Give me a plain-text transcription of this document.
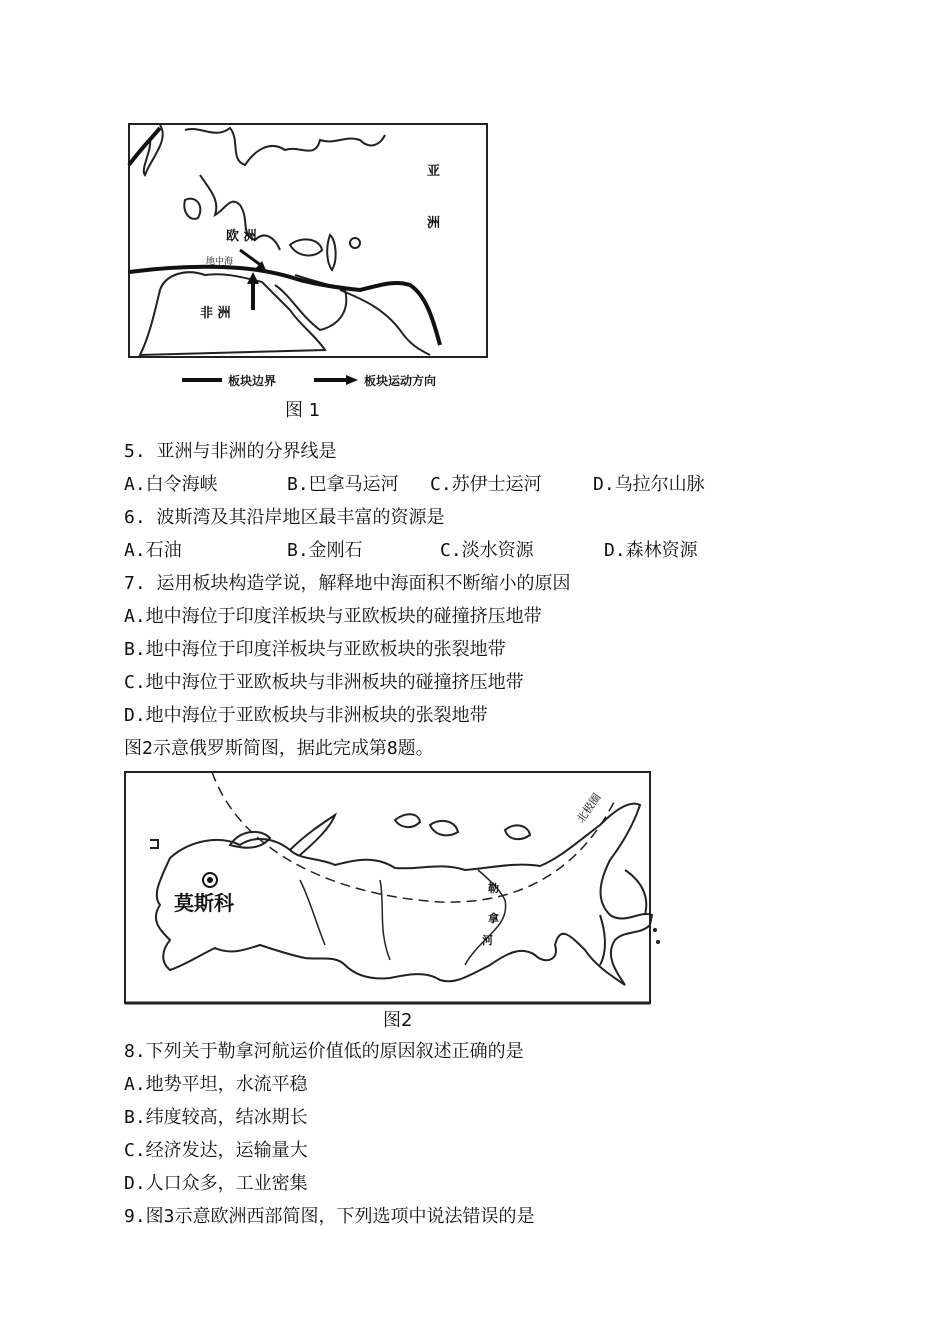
亚
洲
欧 洲
地中海
非 洲
板块边界	板块运动方向
图 1
5. 亚洲与非洲的分界线是
A.白令海峡	B.巴拿马运河 C.苏伊士运河	D.乌拉尔山脉
6. 波斯湾及其沿岸地区最丰富的资源是
A.石油	B.金刚石	C.淡水资源	D.森林资源
7. 运用板块构造学说，解释地中海面积不断缩小的原因
A.地中海位于印度洋板块与亚欧板块的碰撞挤压地带
B.地中海位于印度洋板块与亚欧板块的张裂地带
C.地中海位于亚欧板块与非洲板块的碰撞挤压地带
D.地中海位于亚欧板块与非洲板块的张裂地带
图2示意俄罗斯简图，据此完成第8题。
莫斯科
北极圈
勒
拿
河
图2
8.下列关于勒拿河航运价值低的原因叙述正确的是
A.地势平坦，水流平稳
B.纬度较高，结冰期长
C.经济发达，运输量大
D.人口众多，工业密集
9.图3示意欧洲西部简图，下列选项中说法错误的是
